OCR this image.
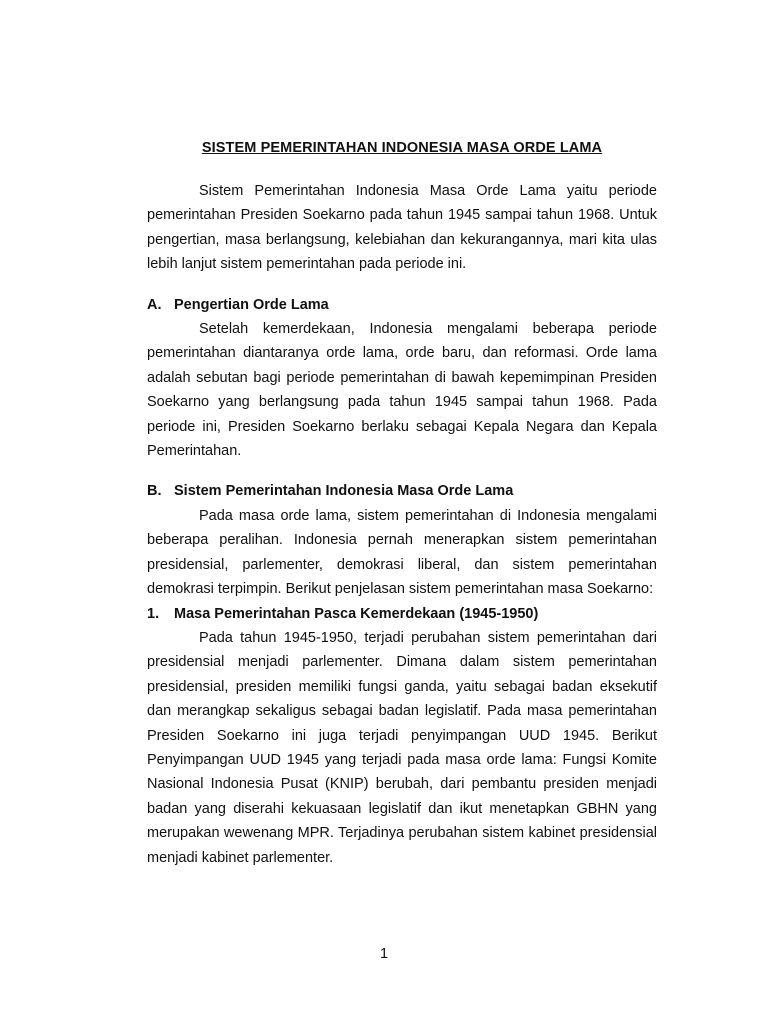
SISTEM PEMERINTAHAN INDONESIA MASA ORDE LAMA

Sistem Pemerintahan Indonesia Masa Orde Lama yaitu periode pemerintahan Presiden Soekarno pada tahun 1945 sampai tahun 1968. Untuk pengertian, masa berlangsung, kelebiahan dan kekurangannya, mari kita ulas lebih lanjut sistem pemerintahan pada periode ini.

A. Pengertian Orde Lama

Setelah kemerdekaan, Indonesia mengalami beberapa periode pemerintahan diantaranya orde lama, orde baru, dan reformasi. Orde lama adalah sebutan bagi periode pemerintahan di bawah kepemimpinan Presiden Soekarno yang berlangsung pada tahun 1945 sampai tahun 1968. Pada periode ini, Presiden Soekarno berlaku sebagai Kepala Negara dan Kepala Pemerintahan.

B. Sistem Pemerintahan Indonesia Masa Orde Lama

Pada masa orde lama, sistem pemerintahan di Indonesia mengalami beberapa peralihan. Indonesia pernah menerapkan sistem pemerintahan presidensial, parlementer, demokrasi liberal, dan sistem pemerintahan demokrasi terpimpin. Berikut penjelasan sistem pemerintahan masa Soekarno:

1.	Masa Pemerintahan Pasca Kemerdekaan (1945-1950)

Pada tahun 1945-1950, terjadi perubahan sistem pemerintahan dari presidensial menjadi parlementer. Dimana dalam sistem pemerintahan presidensial, presiden memiliki fungsi ganda, yaitu sebagai badan eksekutif dan merangkap sekaligus sebagai badan legislatif. Pada masa pemerintahan Presiden Soekarno ini juga terjadi penyimpangan UUD 1945. Berikut Penyimpangan UUD 1945 yang terjadi pada masa orde lama: Fungsi Komite Nasional Indonesia Pusat (KNIP) berubah, dari pembantu presiden menjadi badan yang diserahi kekuasaan legislatif dan ikut menetapkan GBHN yang merupakan wewenang MPR. Terjadinya perubahan sistem kabinet presidensial menjadi kabinet parlementer.

1
